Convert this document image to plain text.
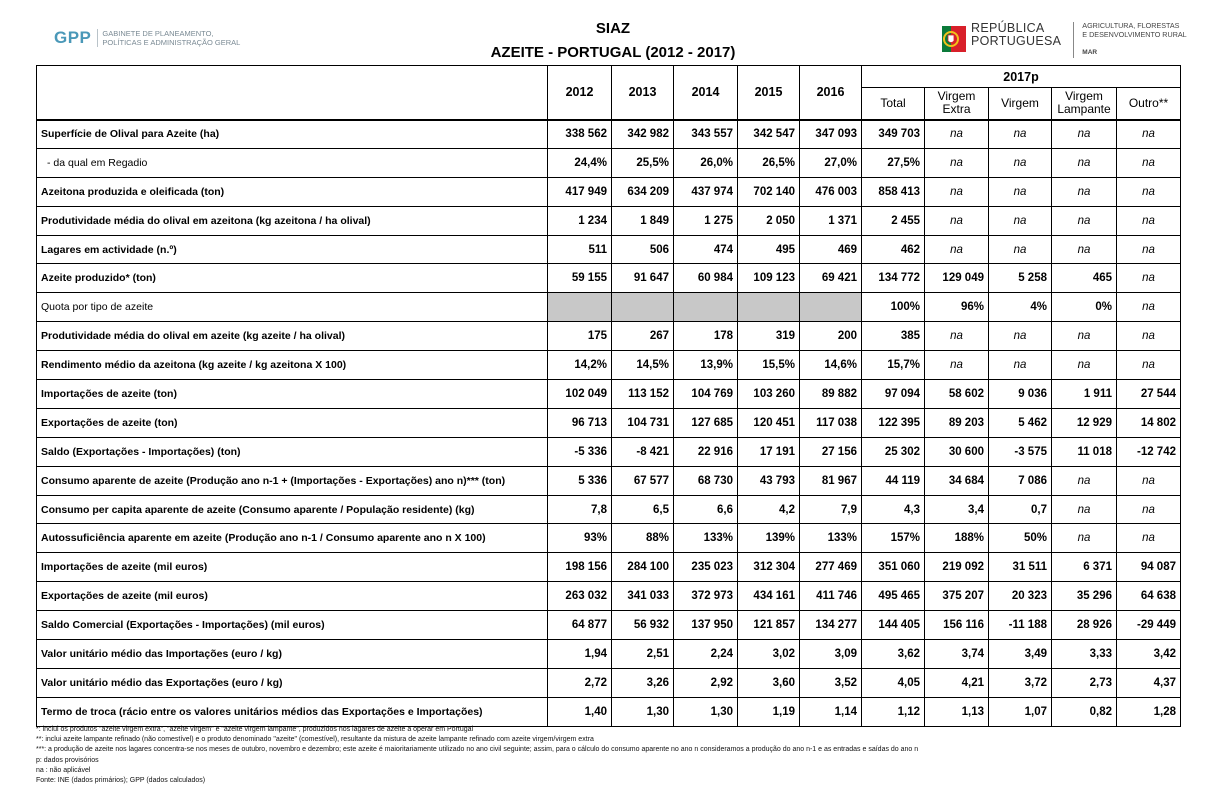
GPP	GABINETE DE PLANEAMENTO,
POLÍTICAS E ADMINISTRAÇÃO GERAL
SIAZ
AZEITE - PORTUGAL (2012 - 2017)
REPÚBLICA
PORTUGUESA
AGRICULTURA, FLORESTAS
E DESENVOLVIMENTO RURAL
MAR
	2012	2013	2014	2015	2016	2017p				
						Total	Virgem Extra	Virgem	Virgem Lampante	Outro**
Superfície de Olival para Azeite (ha)	338 562	342 982	343 557	342 547	347 093	349 703	na	na	na	na
- da qual em Regadio	24,4%	25,5%	26,0%	26,5%	27,0%	27,5%	na	na	na	na
Azeitona produzida e oleificada (ton)	417 949	634 209	437 974	702 140	476 003	858 413	na	na	na	na
Produtividade média do olival em azeitona (kg azeitona / ha olival)	1 234	1 849	1 275	2 050	1 371	2 455	na	na	na	na
Lagares em actividade (n.º)	511	506	474	495	469	462	na	na	na	na
Azeite produzido* (ton)	59 155	91 647	60 984	109 123	69 421	134 772	129 049	5 258	465	na
Quota por tipo de azeite						100%	96%	4%	0%	na
Produtividade média do olival em azeite (kg azeite / ha olival)	175	267	178	319	200	385	na	na	na	na
Rendimento médio da azeitona (kg azeite / kg azeitona X 100)	14,2%	14,5%	13,9%	15,5%	14,6%	15,7%	na	na	na	na
Importações de azeite (ton)	102 049	113 152	104 769	103 260	89 882	97 094	58 602	9 036	1 911	27 544
Exportações de azeite (ton)	96 713	104 731	127 685	120 451	117 038	122 395	89 203	5 462	12 929	14 802
Saldo (Exportações - Importações) (ton)	-5 336	-8 421	22 916	17 191	27 156	25 302	30 600	-3 575	11 018	-12 742
Consumo aparente de azeite (Produção ano n-1 + (Importações - Exportações) ano n)*** (ton)	5 336	67 577	68 730	43 793	81 967	44 119	34 684	7 086	na	na
Consumo per capita aparente de azeite (Consumo aparente / População residente) (kg)	7,8	6,5	6,6	4,2	7,9	4,3	3,4	0,7	na	na
Autossuficiência aparente em azeite (Produção ano n-1 / Consumo aparente ano n X 100)	93%	88%	133%	139%	133%	157%	188%	50%	na	na
Importações de azeite (mil euros)	198 156	284 100	235 023	312 304	277 469	351 060	219 092	31 511	6 371	94 087
Exportações de azeite (mil euros)	263 032	341 033	372 973	434 161	411 746	495 465	375 207	20 323	35 296	64 638
Saldo Comercial (Exportações - Importações) (mil euros)	64 877	56 932	137 950	121 857	134 277	144 405	156 116	-11 188	28 926	-29 449
Valor unitário médio das Importações (euro / kg)	1,94	2,51	2,24	3,02	3,09	3,62	3,74	3,49	3,33	3,42
Valor unitário médio das Exportações (euro / kg)	2,72	3,26	2,92	3,60	3,52	4,05	4,21	3,72	2,73	4,37
Termo de troca (rácio entre os valores unitários médios das Exportações e Importações)	1,40	1,30	1,30	1,19	1,14	1,12	1,13	1,07	0,82	1,28
*: inclui os produtos "azeite virgem extra", "azeite virgem" e "azeite virgem lampante", produzidos nos lagares de azeite a operar em Portugal
**: inclui azeite lampante refinado (não comestível) e o produto denominado "azeite" (comestível), resultante da mistura de azeite lampante refinado com azeite virgem/virgem extra
***: a produção de azeite nos lagares concentra-se nos meses de outubro, novembro e dezembro; este azeite é maioritariamente utilizado no ano civil seguinte; assim, para o cálculo do consumo aparente no ano n consideramos a produção do ano n-1 e as entradas e saídas do ano n
p: dados provisórios
na : não aplicável
Fonte: INE (dados primários); GPP (dados calculados)
